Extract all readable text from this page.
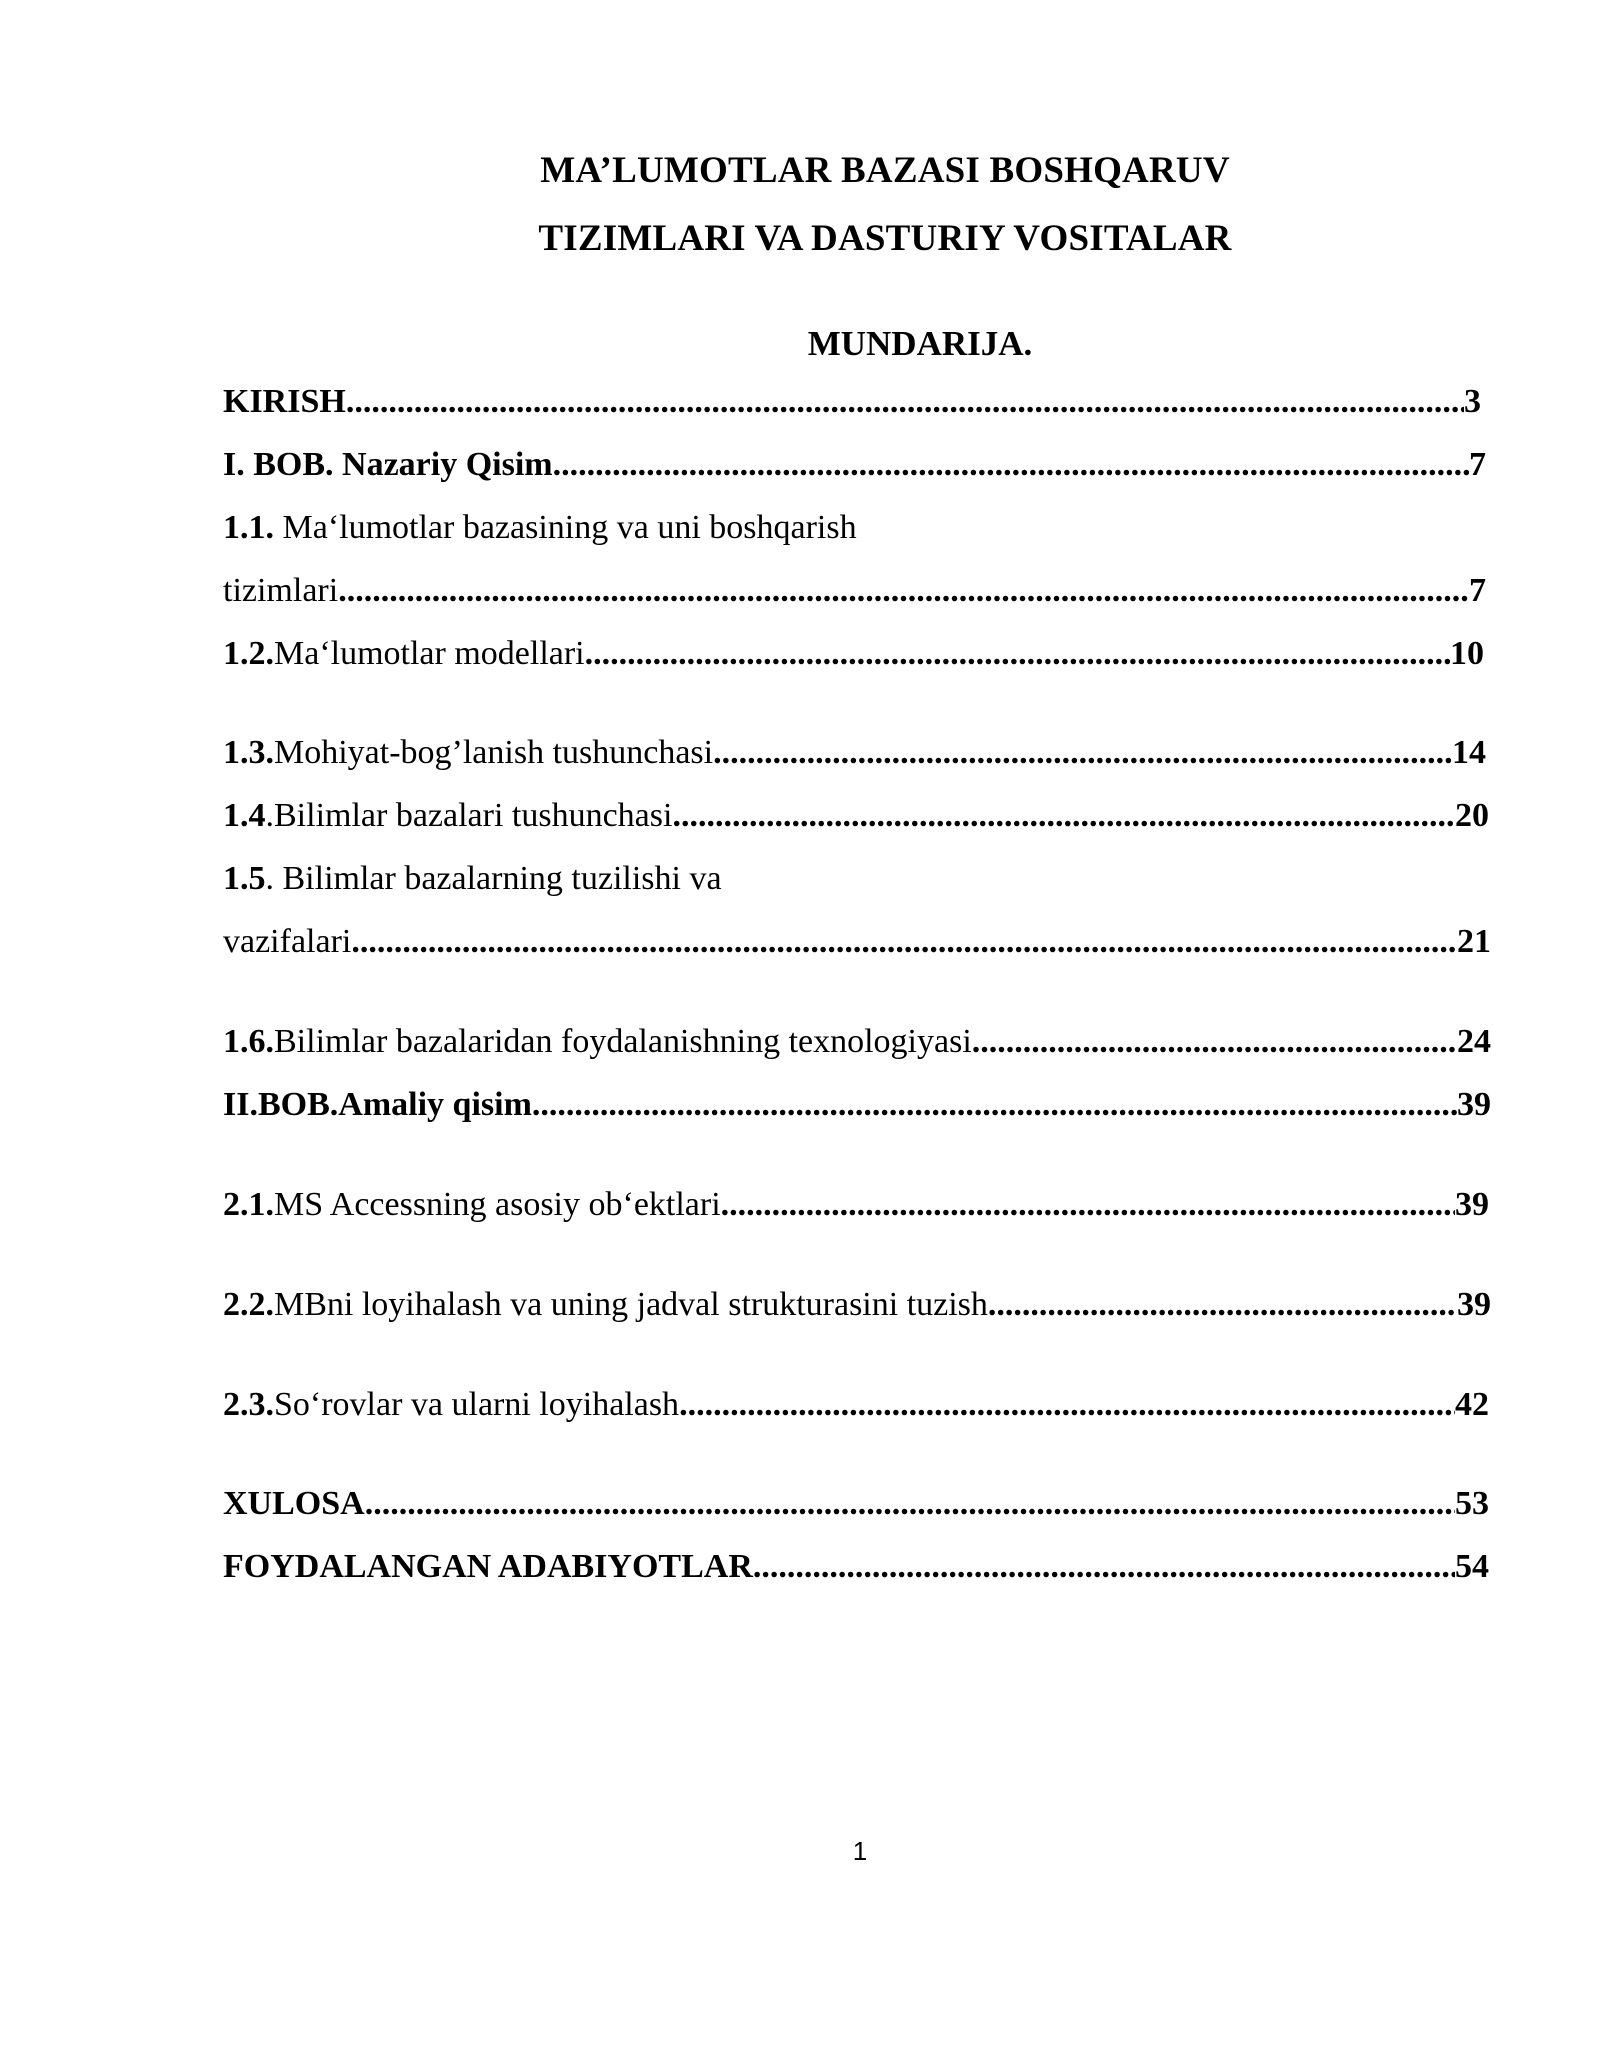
MA’LUMOTLAR BAZASI BOSHQARUV
TIZIMLARI VA DASTURIY VOSITALAR
MUNDARIJA.
KIRISH .....	3
I. BOB. Nazariy Qisim .....	7
1.1. Ma‘lumotlar bazasining va uni boshqarish
tizimlari .....	7
1.2. Ma‘lumotlar modellari .....	10
1.3. Mohiyat-bog’lanish tushunchasi .....	14
1.4 .Bilimlar bazalari tushunchasi .....	20
1.5. Bilimlar bazalarning tuzilishi va
vazifalari .....	21
1.6. Bilimlar bazalaridan foydalanishning texnologiyasi .....	24
II.BOB.Amaliy qisim .....	39
2.1. MS Accessning asosiy ob‘ektlari .....	39
2.2. MBni loyihalash va uning jadval strukturasini tuzish .....	39
2.3. So‘rovlar va ularni loyihalash .....	42
XULOSA .....	53
FOYDALANGAN ADABIYOTLAR .....	54
1
